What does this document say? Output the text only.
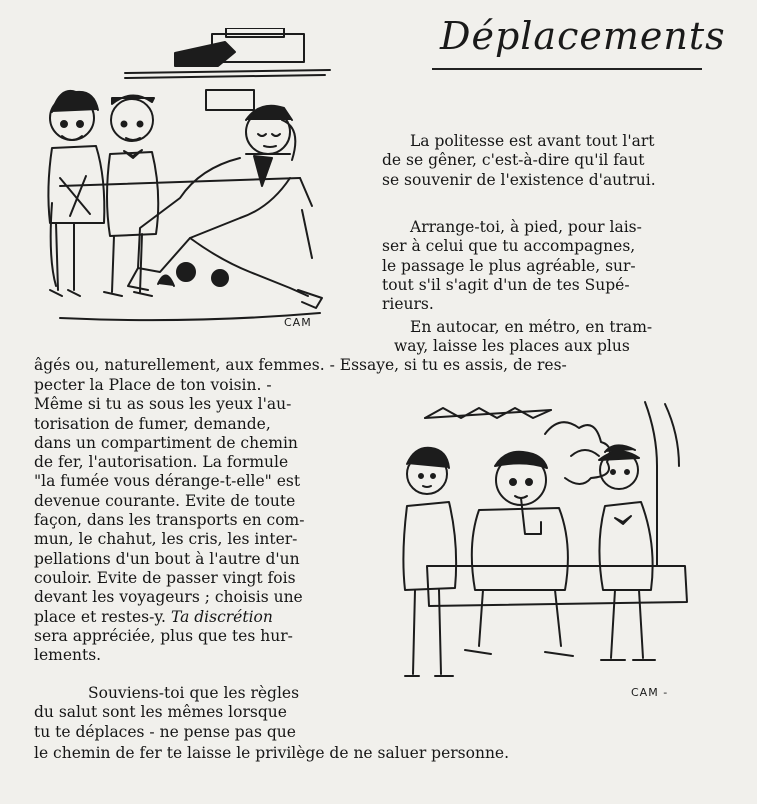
Déplacements
CAM
CAM -
La politesse est avant tout l'art
de se gêner, c'est-à-dire qu'il faut
se souvenir de l'existence d'autrui.
Arrange-toi, à pied, pour lais-
ser à celui que tu accompagnes,
le passage le plus agréable, sur-
tout s'il s'agit d'un de tes Supé-
rieurs.
En autocar, en métro, en tram-
way, laisse les places aux plus
âgés ou, naturellement, aux femmes. - Essaye, si tu es assis, de res-
pecter la Place de ton voisin. -
Même si tu as sous les yeux l'au-
torisation de fumer, demande,
dans un compartiment de chemin
de fer, l'autorisation. La formule
"la fumée vous dérange-t-elle" est
devenue courante. Evite de toute
façon, dans les transports en com-
mun, le chahut, les cris, les inter-
pellations d'un bout à l'autre d'un
couloir. Evite de passer vingt fois
devant les voyageurs ; choisis une
place et restes-y. Ta discrétion
sera appréciée, plus que tes hur-
lements.
Souviens-toi que les règles
du salut sont les mêmes lorsque
tu te déplaces - ne pense pas que
le chemin de fer te laisse le privilège de ne saluer personne.
